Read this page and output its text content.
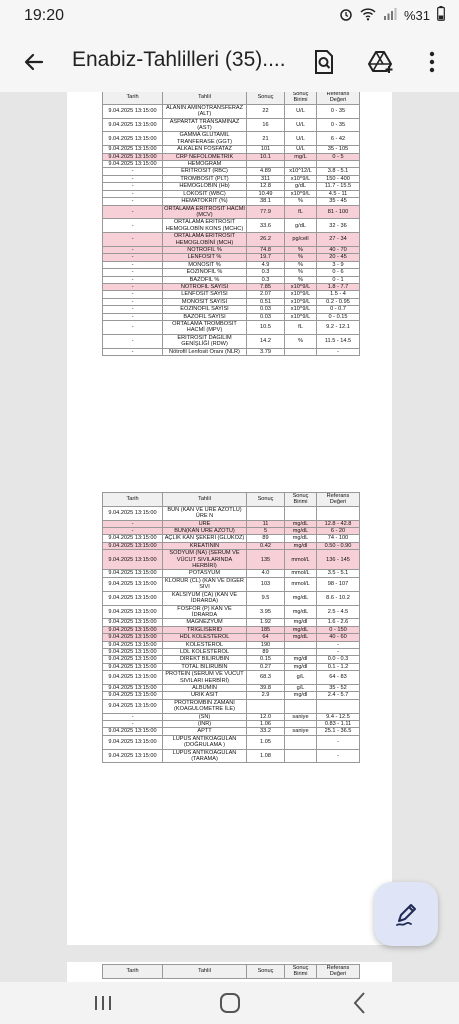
19:20	%31
Enabiz-Tahlilleri (35)....
Tarih	Tahlil	Sonuç	Sonuç Birimi	Referans Değeri
9.04.2025 13:15:00	ALANİN AMİNOTRANSFERAZ (ALT)	22	U/L	0 - 35
9.04.2025 13:15:00	ASPARTAT TRANSAMİNAZ (AST)	16	U/L	0 - 35
9.04.2025 13:15:00	GAMMA GLUTAMİL TRANFERASE (GGT)	21	U/L	6 - 42
9.04.2025 13:15:00	ALKALEN FOSFATAZ	101	U/L	35 - 105
9.04.2025 13:15:00	CRP NEFOLOMETRİK	10.1	mg/L	0 - 5
9.04.2025 13:15:00	HEMOGRAM			
-	ERİTROSİT (RBC)	4.89	x10^12/L	3.8 - 5.1
-	TROMBOSİT (PLT)	311	x10^9/L	150 - 400
-	HEMOGLOBİN (Hb)	12.8	g/dL	11.7 - 15.5
-	LÖKOSİT (WBC)	10.49	x10^9/L	4.5 - 11
-	HEMATOKRİT (%)	38.1	%	35 - 45
-	ORTALAMA ERİTROSİT HACMİ (MCV)	77.9	fL	81 - 100
-	ORTALAMA ERİTROSİT HEMOGLOBİN KONS (MCHC)	33.6	g/dL	32 - 36
-	ORTALAMA ERİTROSİT HEMOGLOBİNİ (MCH)	26.2	pg/cell	27 - 34
-	NÖTROFİL %	74.8	%	40 - 70
-	LENFOSİT %	19.7	%	20 - 45
-	MONOSİT %	4.9	%	3 - 9
-	EOZİNOFİL %	0.3	%	0 - 6
-	BAZOFİL %	0.3	%	0 - 1
-	NÖTROFİL SAYISI	7.85	x10^9/L	1.8 - 7.7
-	LENFOSİT SAYISI	2.07	x10^9/L	1.5 - 4
-	MONOSİT SAYISI	0.51	x10^9/L	0.2 - 0.95
-	EOZİNOFİL SAYISI	0.03	x10^9/L	0 - 0.7
-	BAZOFİL SAYISI	0.03	x10^9/L	0 - 0.15
-	ORTALAMA TROMBOSİT HACMİ (MPV)	10.5	fL	9.2 - 12.1
-	ERİTROSİT DAĞILIM GENİŞLİĞİ (RDW)	14.2	%	11.5 - 14.5
-	Nötrofil Lenfosit Oranı (NLR)	3.79		-
Tarih	Tahlil	Sonuç	Sonuç Birimi	Referans Değeri
9.04.2025 13:15:00	BUN (KAN VE ÜRE AZOTLU) ÜRE N			
-	ÜRE	11	mg/dL	12.8 - 42.8
-	BUN(KAN ÜRE AZOTU)	5	mg/dL	6 - 20
9.04.2025 13:15:00	AÇLIK KAN ŞEKERİ (GLUKOZ)	89	mg/dL	74 - 100
9.04.2025 13:15:00	KREATİNİN	0.42	mg/dl	0.50 - 0.90
9.04.2025 13:15:00	SODYUM (NA) (SERUM VE VÜCUT SIVILARINDA HERBİRİ)	135	mmol/L	136 - 145
9.04.2025 13:15:00	POTASYUM	4.0	mmol/L	3.5 - 5.1
9.04.2025 13:15:00	KLORÜR (CL) (KAN VE DİĞER SIVI	103	mmol/L	98 - 107
9.04.2025 13:15:00	KALSİYUM (CA) (KAN VE İDRARDA)	9.5	mg/dL	8.6 - 10.2
9.04.2025 13:15:00	FOSFOR (P) KAN VE İDRARDA	3.95	mg/dL	2.5 - 4.5
9.04.2025 13:15:00	MAGNEZYUM	1.92	mg/dl	1.6 - 2.6
9.04.2025 13:15:00	TRİGLİSERİD	185	mg/dL	0 - 150
9.04.2025 13:15:00	HDL KOLESTEROL	64	mg/dL	40 - 60
9.04.2025 13:15:00	KOLESTEROL	190		-
9.04.2025 13:15:00	LDL KOLESTEROL	89		-
9.04.2025 13:15:00	DİREKT BİLİRUBİN	0.15	mg/dl	0.0 - 0.3
9.04.2025 13:15:00	TOTAL BİLİRUBİN	0.27	mg/dl	0.1 - 1.2
9.04.2025 13:15:00	PROTEİN (SERUM VE VÜCUT SIVILARI HERBİRİ)	68.3	g/L	64 - 83
9.04.2025 13:15:00	ALBÜMİN	39.8	g/L	35 - 52
9.04.2025 13:15:00	ÜRİK ASİT	2.9	mg/dl	2.4 - 5.7
9.04.2025 13:15:00	PROTROMBİN ZAMANI (KOAGULOMETRE İLE)			
-	(SN)	12.0	saniye	9.4 - 12.5
-	(INR)	1.06		0.83 - 1.11
9.04.2025 13:15:00	APTT	33.2	saniye	25.1 - 36.5
9.04.2025 13:15:00	LUPUS ANTİKOAGULAN (DOĞRULAMA )	1.05		-
9.04.2025 13:15:00	LUPUS ANTİKOAGULAN (TARAMA)	1.08		-
Tarih	Tahlil	Sonuç	Sonuç Birimi	Referans Değeri
